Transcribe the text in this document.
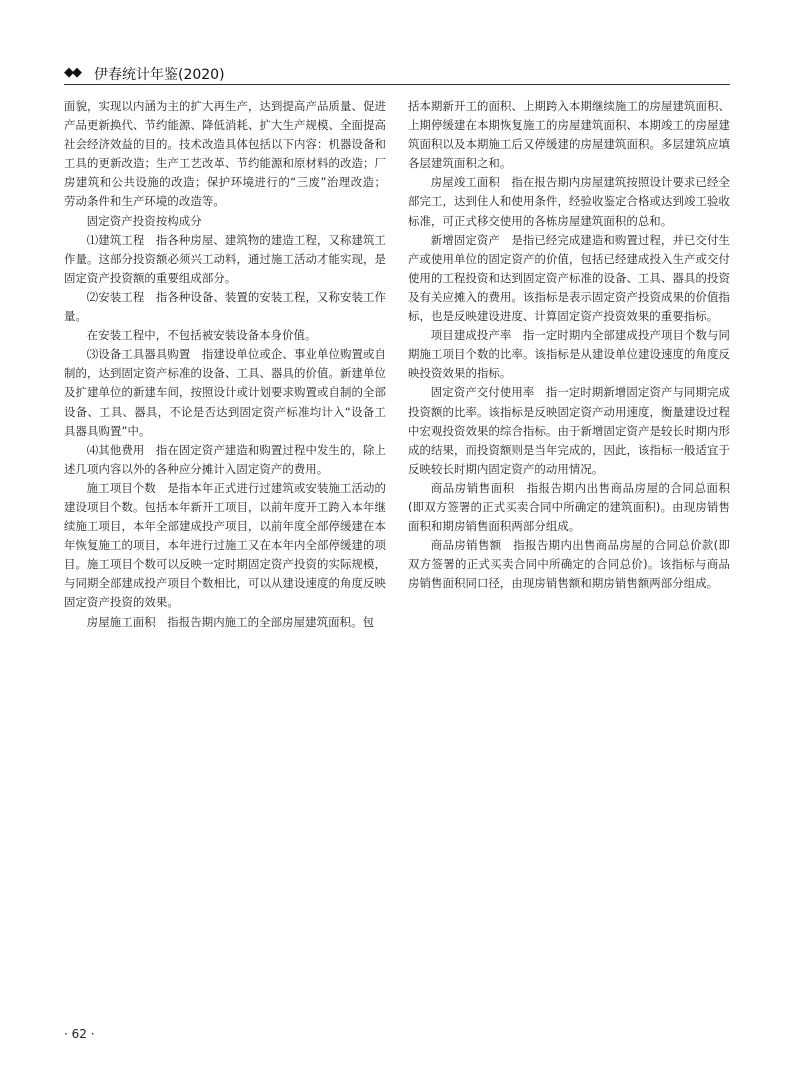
◆◆ 伊春统计年鉴(2020)

面貌，实现以内涵为主的扩大再生产，达到提高产品质量、促进产品更新换代、节约能源、降低消耗、扩大生产规模、全面提高社会经济效益的目的。技术改造具体包括以下内容：机器设备和工具的更新改造；生产工艺改革、节约能源和原材料的改造；厂房建筑和公共设施的改造；保护环境进行的“三废”治理改造；劳动条件和生产环境的改造等。

固定资产投资按构成分

⑴建筑工程　指各种房屋、建筑物的建造工程，又称建筑工作量。这部分投资额必须兴工动料，通过施工活动才能实现，是固定资产投资额的重要组成部分。

⑵安装工程　指各种设备、装置的安装工程，又称安装工作量。

在安装工程中，不包括被安装设备本身价值。

⑶设备工具器具购置　指建设单位或企、事业单位购置或自制的，达到固定资产标准的设备、工具、器具的价值。新建单位及扩建单位的新建车间，按照设计或计划要求购置或自制的全部设备、工具、器具，不论是否达到固定资产标准均计入“设备工具器具购置”中。

⑷其他费用　指在固定资产建造和购置过程中发生的，除上述几项内容以外的各种应分摊计入固定资产的费用。

施工项目个数　是指本年正式进行过建筑或安装施工活动的建设项目个数。包括本年新开工项目，以前年度开工跨入本年继续施工项目，本年全部建成投产项目，以前年度全部停缓建在本年恢复施工的项目，本年进行过施工又在本年内全部停缓建的项目。施工项目个数可以反映一定时期固定资产投资的实际规模，与同期全部建成投产项目个数相比，可以从建设速度的角度反映固定资产投资的效果。

房屋施工面积　指报告期内施工的全部房屋建筑面积。包

括本期新开工的面积、上期跨入本期继续施工的房屋建筑面积、上期停缓建在本期恢复施工的房屋建筑面积、本期竣工的房屋建筑面积以及本期施工后又停缓建的房屋建筑面积。多层建筑应填各层建筑面积之和。

房屋竣工面积　指在报告期内房屋建筑按照设计要求已经全部完工，达到住人和使用条件，经验收鉴定合格或达到竣工验收标准，可正式移交使用的各栋房屋建筑面积的总和。

新增固定资产　是指已经完成建造和购置过程，并已交付生产或使用单位的固定资产的价值，包括已经建成投入生产或交付使用的工程投资和达到固定资产标准的设备、工具、器具的投资及有关应摊入的费用。该指标是表示固定资产投资成果的价值指标，也是反映建设进度、计算固定资产投资效果的重要指标。

项目建成投产率　指一定时期内全部建成投产项目个数与同期施工项目个数的比率。该指标是从建设单位建设速度的角度反映投资效果的指标。

固定资产交付使用率　指一定时期新增固定资产与同期完成投资额的比率。该指标是反映固定资产动用速度，衡量建设过程中宏观投资效果的综合指标。由于新增固定资产是较长时期内形成的结果，而投资额则是当年完成的，因此，该指标一般适宜于反映较长时期内固定资产的动用情况。

商品房销售面积　指报告期内出售商品房屋的合同总面积(即双方签署的正式买卖合同中所确定的建筑面积)。由现房销售面积和期房销售面积两部分组成。

商品房销售额　指报告期内出售商品房屋的合同总价款(即双方签署的正式买卖合同中所确定的合同总价)。该指标与商品房销售面积同口径，由现房销售额和期房销售额两部分组成。

· 62 ·
